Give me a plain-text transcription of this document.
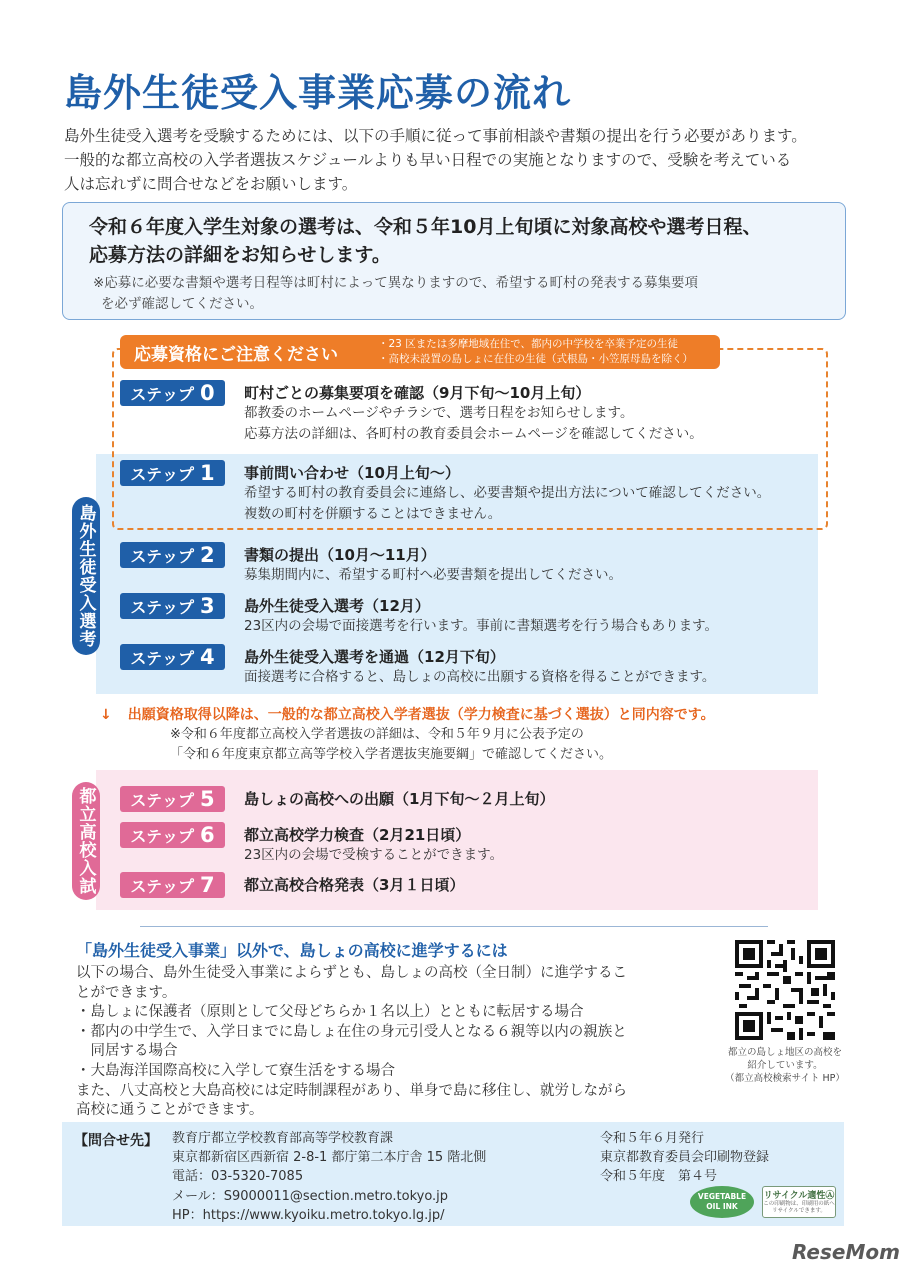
島外生徒受入事業応募の流れ
島外生徒受入選考を受験するためには、以下の手順に従って事前相談や書類の提出を行う必要があります。
一般的な都立高校の入学者選抜スケジュールよりも早い日程での実施となりますので、受験を考えている
人は忘れずに問合せなどをお願いします。
令和６年度入学生対象の選考は、令和５年10月上旬頃に対象高校や選考日程、
応募方法の詳細をお知らせします。
※応募に必要な書類や選考日程等は町村によって異なりますので、希望する町村の発表する募集要項
を必ず確認してください。
島外生徒受入選考
都立高校入試
応募資格にご注意ください
・23 区または多摩地域在住で、都内の中学校を卒業予定の生徒
・高校未設置の島しょに在住の生徒（式根島・小笠原母島を除く）
ステップ 0 町村ごとの募集要項を確認（9月下旬〜10月上旬）
都教委のホームページやチラシで、選考日程をお知らせします。
応募方法の詳細は、各町村の教育委員会ホームページを確認してください。
ステップ 1 事前問い合わせ（10月上旬〜）
希望する町村の教育委員会に連絡し、必要書類や提出方法について確認してください。
複数の町村を併願することはできません。
ステップ 2 書類の提出（10月〜11月）
募集期間内に、希望する町村へ必要書類を提出してください。
ステップ 3 島外生徒受入選考（12月）
23区内の会場で面接選考を行います。事前に書類選考を行う場合もあります。
ステップ 4 島外生徒受入選考を通過（12月下旬）
面接選考に合格すると、島しょの高校に出願する資格を得ることができます。
↓ 出願資格取得以降は、一般的な都立高校入学者選抜（学力検査に基づく選抜）と同内容です。
※令和６年度都立高校入学者選抜の詳細は、令和５年９月に公表予定の
「令和６年度東京都立高等学校入学者選抜実施要綱」で確認してください。
ステップ 5 島しょの高校への出願（1月下旬〜２月上旬）
ステップ 6 都立高校学力検査（2月21日頃）
23区内の会場で受検することができます。
ステップ 7 都立高校合格発表（3月１日頃）
「島外生徒受入事業」以外で、島しょの高校に進学するには
以下の場合、島外生徒受入事業によらずとも、島しょの高校（全日制）に進学するこ
とができます。
・島しょに保護者（原則として父母どちらか１名以上）とともに転居する場合
・都内の中学生で、入学日までに島しょ在住の身元引受人となる６親等以内の親族と
　同居する場合
・大島海洋国際高校に入学して寮生活をする場合
また、八丈高校と大島高校には定時制課程があり、単身で島に移住し、就労しながら
高校に通うことができます。
都立の島しょ地区の高校を
紹介しています。
（都立高校検索サイト HP）
【問合せ先】 教育庁都立学校教育部高等学校教育課
東京都新宿区西新宿 2-8-1 都庁第二本庁舎 15 階北側
電話：03-5320-7085
メール：S9000011@section.metro.tokyo.jp
HP：https://www.kyoiku.metro.tokyo.lg.jp/
令和５年６月発行
東京都教育委員会印刷物登録
令和５年度　第４号
VEGETABLE
OIL INK
リサイクル適性Ⓐ
この印刷物は、印刷用の紙へ
リサイクルできます。
ReseMom
